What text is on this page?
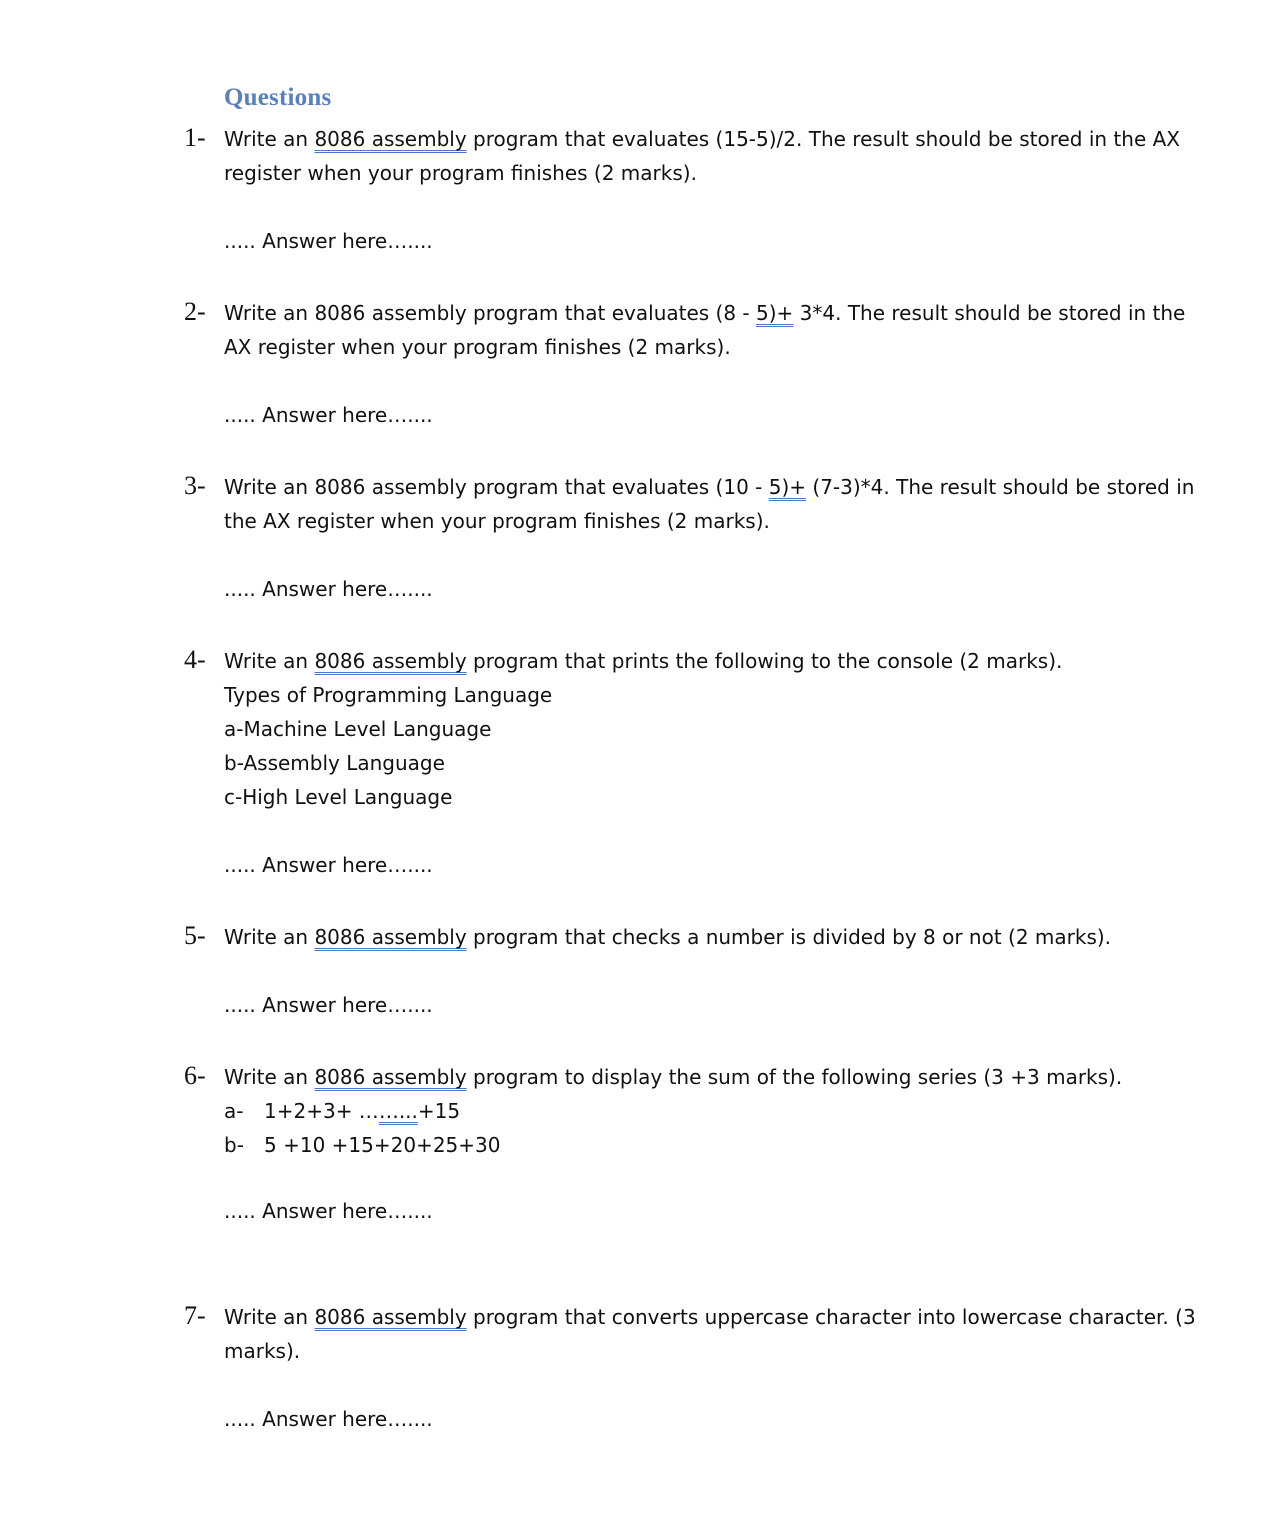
Questions
1- Write an 8086 assembly program that evaluates (15-5)/2. The result should be stored in the AX
register when your program finishes (2 marks).
..... Answer here…....
2- Write an 8086 assembly program that evaluates (8 - 5)+ 3*4. The result should be stored in the
AX register when your program finishes (2 marks).
..... Answer here…....
3- Write an 8086 assembly program that evaluates (10 - 5)+ (7-3)*4. The result should be stored in
the AX register when your program finishes (2 marks).
..... Answer here…....
4- Write an 8086 assembly program that prints the following to the console (2 marks).
Types of Programming Language
a-Machine Level Language
b-Assembly Language
c-High Level Language
..... Answer here…....
5- Write an 8086 assembly program that checks a number is divided by 8 or not (2 marks).
..... Answer here…....
6- Write an 8086 assembly program to display the sum of the following series (3 +3 marks).
a- 1+2+3+ ……...+15
b- 5 +10 +15+20+25+30
..... Answer here…....
7- Write an 8086 assembly program that converts uppercase character into lowercase character. (3
marks).
..... Answer here…....
